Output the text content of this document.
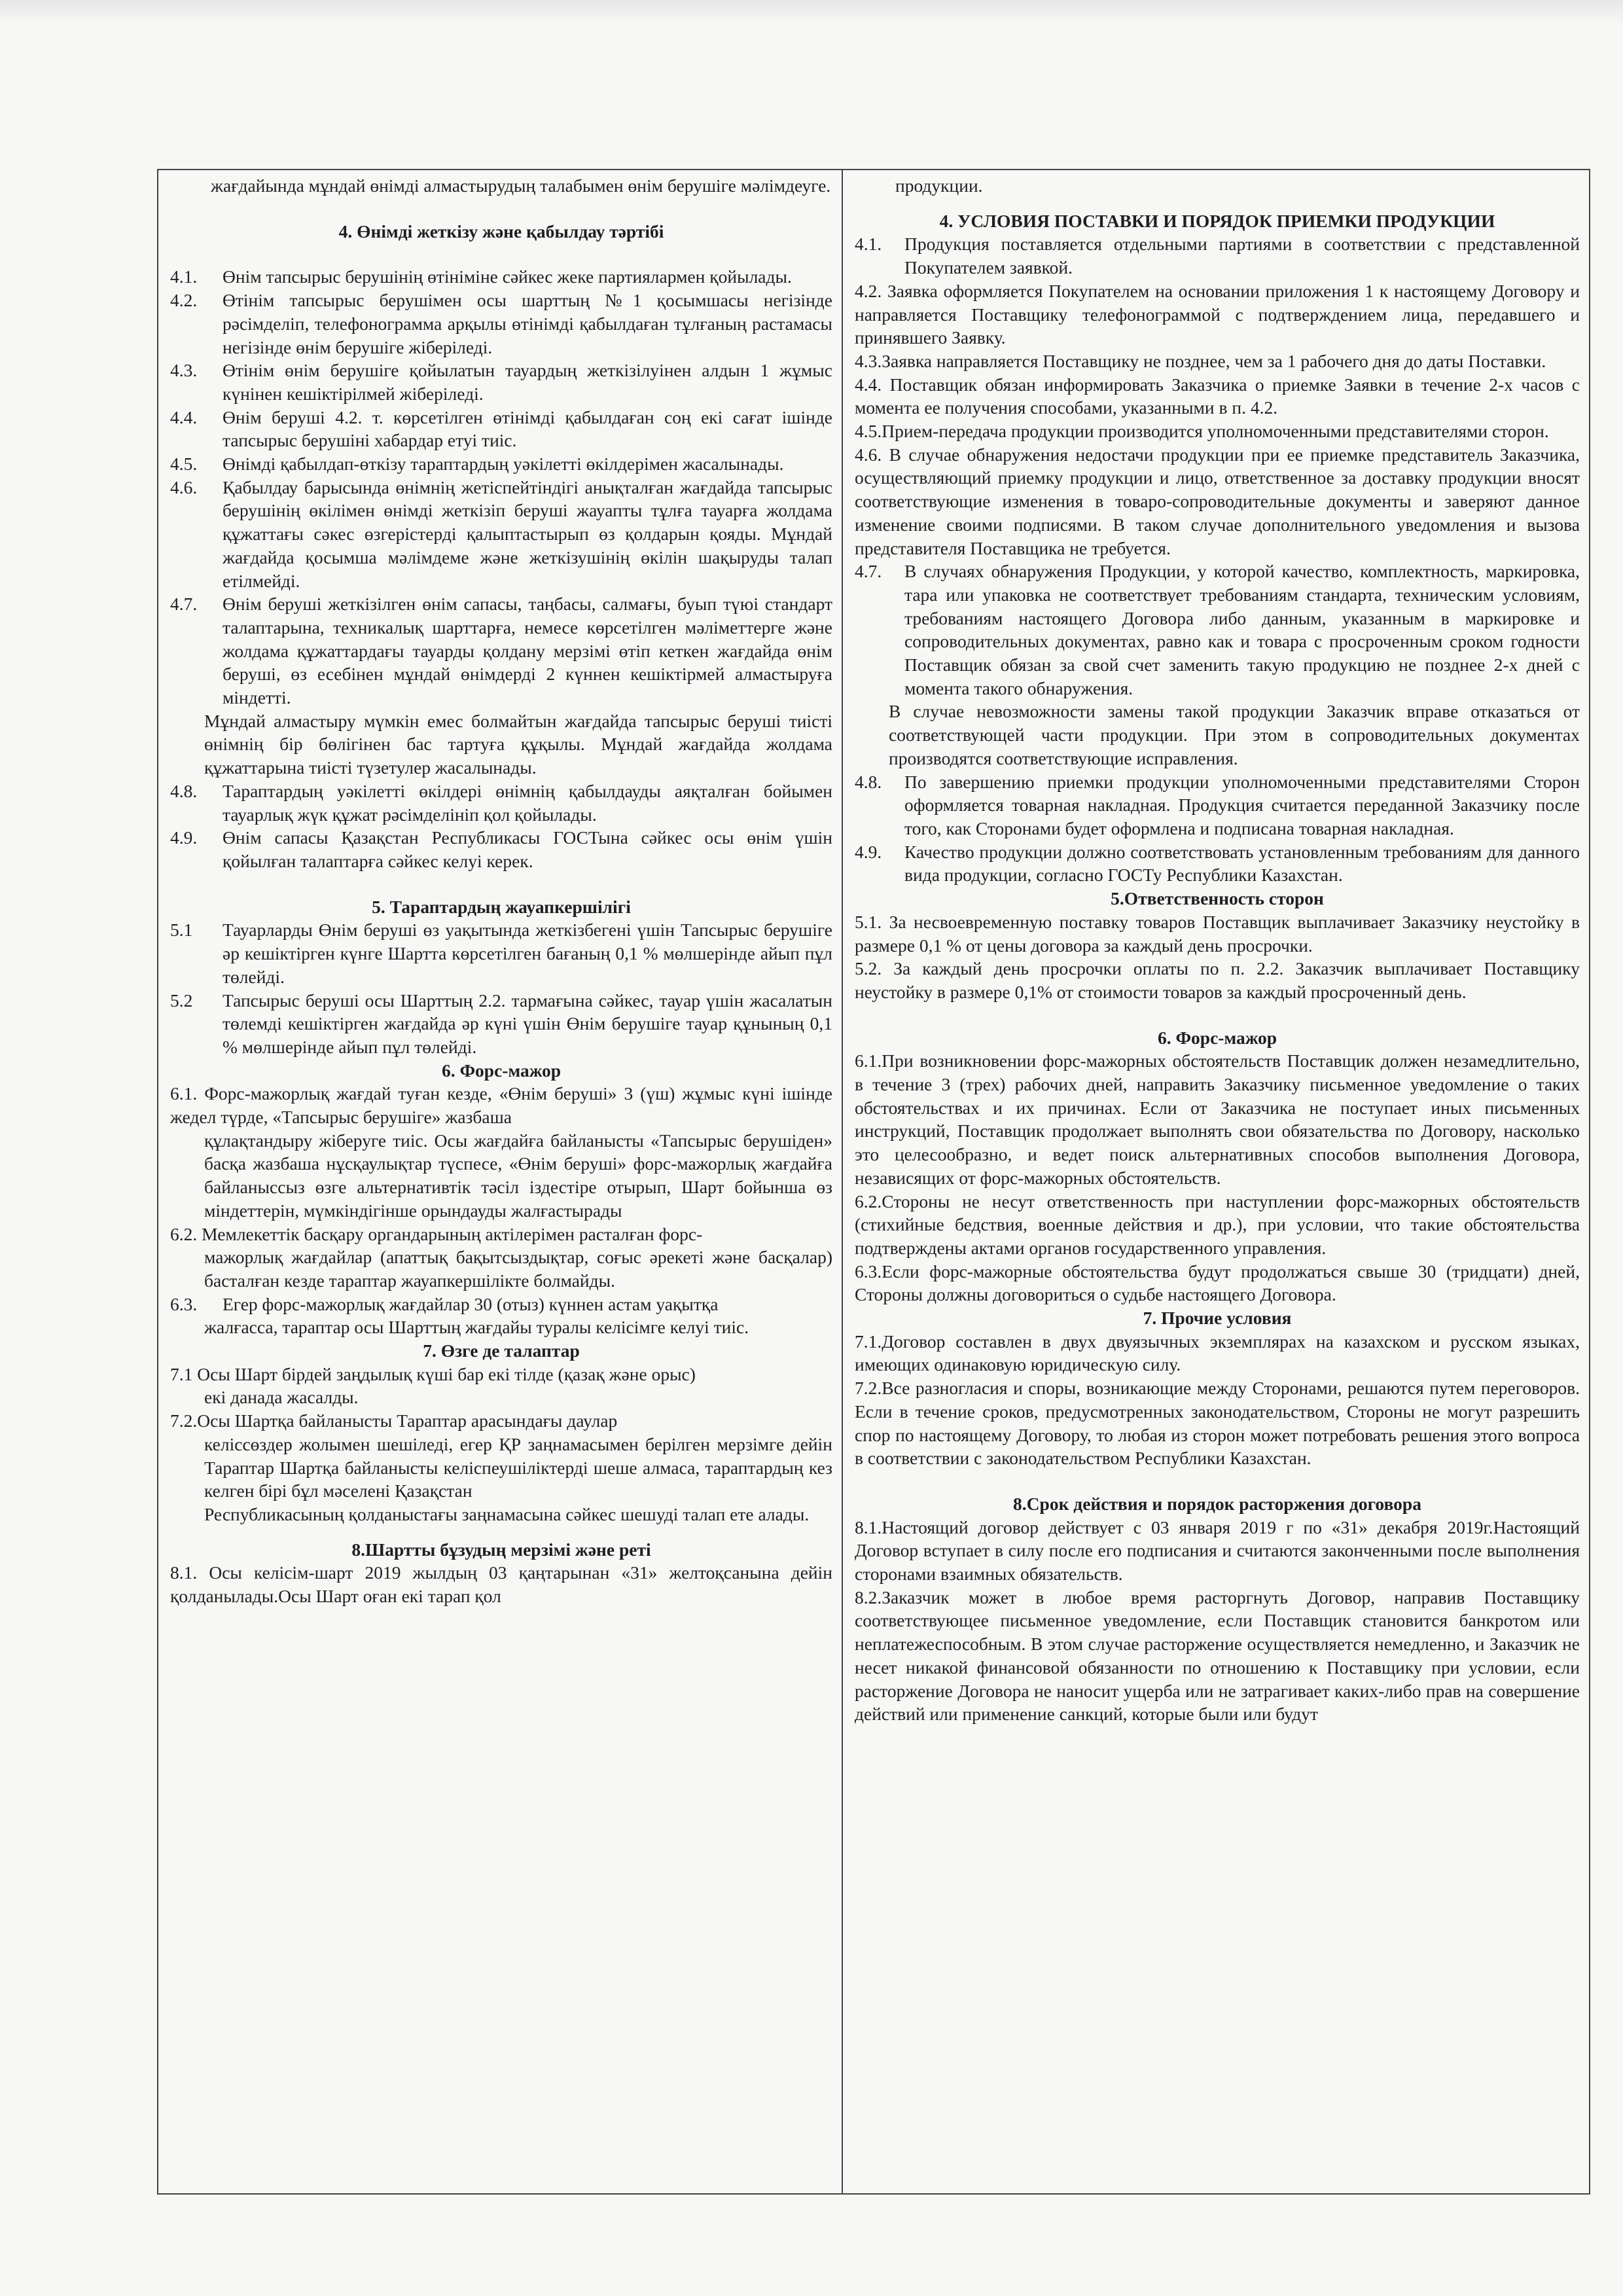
жағдайында мұндай өнімді алмастырудың талабымен өнім берушіге мәлімдеуге.

4. Өнімді жеткізу және қабылдау тәртібі

4.1.	Өнім тапсырыс берушінің өтініміне сәйкес жеке партиялармен қойылады.
4.2.	Өтінім тапсырыс берушімен осы шарттың №1 қосымшасы негізінде рәсімделіп, телефонограмма арқылы өтінімді қабылдаған тұлғаның растамасы негізінде өнім берушіге жіберіледі.
4.3.	Өтінім өнім берушіге қойылатын тауардың жеткізілуінен алдын 1 жұмыс күнінен кешіктірілмей жіберіледі.
4.4.	Өнім беруші 4.2. т. көрсетілген өтінімді қабылдаған соң екі сағат ішінде тапсырыс берушіні хабардар етуі тиіс.
4.5.	Өнімді қабылдап-өткізу тараптардың уәкілетті өкілдерімен жасалынады.
4.6.	Қабылдау барысында өнімнің жетіспейтіндігі анықталған жағдайда тапсырыс берушінің өкілімен өнімді жеткізіп беруші жауапты тұлға тауарға жолдама құжаттағы сәкес өзгерістерді қалыптастырып өз қолдарын қояды. Мұндай жағдайда қосымша мәлімдеме және жеткізушінің өкілін шақыруды талап етілмейді.
4.7.	Өнім беруші жеткізілген өнім сапасы, таңбасы, салмағы, буып түюі стандарт талаптарына, техникалық шарттарға, немесе көрсетілген мәліметтерге және жолдама құжаттардағы тауарды қолдану мерзімі өтіп кеткен жағдайда өнім беруші, өз есебінен мұндай өнімдерді 2 күннен кешіктірмей алмастыруға міндетті.

Мұндай алмастыру мүмкін емес болмайтын жағдайда тапсырыс беруші тиісті өнімнің бір бөлігінен бас тартуға құқылы. Мұндай жағдайда жолдама құжаттарына тиісті түзетулер жасалынады.

4.8.	Тараптардың уәкілетті өкілдері өнімнің қабылдауды аяқталған бойымен тауарлық жүк құжат рәсімделініп қол қойылады.
4.9.	Өнім сапасы Қазақстан Республикасы ГОСТына сәйкес осы өнім үшін қойылған талаптарға сәйкес келуі керек.

5. Тараптардың жауапкершілігі

5.1	Тауарларды Өнім беруші өз уақытында жеткізбегені үшін Тапсырыс берушіге әр кешіктірген күнге Шартта көрсетілген бағаның 0,1 % мөлшерінде айып пұл төлейді.
5.2	Тапсырыс беруші осы Шарттың 2.2. тармағына сәйкес, тауар үшін жасалатын төлемді кешіктірген жағдайда әр күні үшін Өнім берушіге тауар құнының 0,1 % мөлшерінде айып пұл төлейді.

6. Форс-мажор

6.1. Форс-мажорлық жағдай туған кезде, «Өнім беруші» 3 (үш) жұмыс күні ішінде жедел түрде, «Тапсырыс берушіге» жазбаша

құлақтандыру жіберуге тиіс. Осы жағдайға байланысты «Тапсырыс берушіден» басқа жазбаша нұсқаулықтар түспесе, «Өнім беруші» форс-мажорлық жағдайға байланыссыз өзге альтернативтік тәсіл іздестіре отырып, Шарт бойынша өз міндеттерін, мүмкіндігінше орындауды жалғастырады

6.2. Мемлекеттік басқару органдарының актілерімен расталған форс-

мажорлық жағдайлар (апаттық бақытсыздықтар, соғыс әрекеті және басқалар) басталған кезде тараптар жауапкершілікте болмайды.

6.3.	Егер форс-мажорлық жағдайлар 30 (отыз) күннен астам уақытқа

жалғасса, тараптар осы Шарттың жағдайы туралы келісімге келуі тиіс.

7. Өзге де талаптар

7.1 Осы Шарт бірдей заңдылық күші бар екі тілде (қазақ және орыс)

екі данада жасалды.

7.2.Осы Шартқа байланысты Тараптар арасындағы даулар

келіссөздер жолымен шешіледі, егер ҚР заңнамасымен берілген мерзімге дейін Тараптар Шартқа байланысты келіспеушіліктерді шеше алмаса, тараптардың кез келген бірі бұл мәселені Қазақстан

Республикасының қолданыстағы заңнамасына сәйкес шешуді талап ете алады.

8.Шартты бұзудың мерзімі және реті

8.1. Осы келісім-шарт 2019 жылдың 03 қаңтарынан «31» желтоқсанына дейін қолданылады.Осы Шарт оған екі тарап қол

продукции.

4. УСЛОВИЯ ПОСТАВКИ И ПОРЯДОК ПРИЕМКИ ПРОДУКЦИИ

4.1.	Продукция поставляется отдельными партиями в соответствии с представленной Покупателем заявкой.

4.2. Заявка оформляется Покупателем на основании приложения 1 к настоящему Договору и направляется Поставщику телефонограммой с подтверждением лица, передавшего и принявшего Заявку.

4.3.Заявка направляется Поставщику не позднее, чем за 1 рабочего дня до даты Поставки.

4.4. Поставщик обязан информировать Заказчика о приемке Заявки в течение 2-х часов с момента ее получения способами, указанными в п. 4.2.

4.5.Прием-передача продукции производится уполномоченными представителями сторон.

4.6. В случае обнаружения недостачи продукции при ее приемке представитель Заказчика, осуществляющий приемку продукции и лицо, ответственное за доставку продукции вносят соответствующие изменения в товаро-сопроводительные документы и заверяют данное изменение своими подписями. В таком случае дополнительного уведомления и вызова представителя Поставщика не требуется.

4.7.	В случаях обнаружения Продукции, у которой качество, комплектность, маркировка, тара или упаковка не соответствует требованиям стандарта, техническим условиям, требованиям настоящего Договора либо данным, указанным в маркировке и сопроводительных документах, равно как и товара с просроченным сроком годности Поставщик обязан за свой счет заменить такую продукцию не позднее 2-х дней с момента такого обнаружения.

В случае невозможности замены такой продукции Заказчик вправе отказаться от соответствующей части продукции. При этом в сопроводительных документах производятся соответствующие исправления.

4.8.	По завершению приемки продукции уполномоченными представителями Сторон оформляется товарная накладная. Продукция считается переданной Заказчику после того, как Сторонами будет оформлена и подписана товарная накладная.
4.9.	Качество продукции должно соответствовать установленным требованиям для данного вида продукции, согласно ГОСТу Республики Казахстан.

5.Ответственность сторон

5.1. За несвоевременную поставку товаров Поставщик выплачивает Заказчику неустойку в размере 0,1 % от цены договора за каждый день просрочки.

5.2. За каждый день просрочки оплаты по п. 2.2. Заказчик выплачивает Поставщику неустойку в размере 0,1% от стоимости товаров за каждый просроченный день.

6. Форс-мажор

6.1.При возникновении форс-мажорных обстоятельств Поставщик должен незамедлительно, в течение 3 (трех) рабочих дней, направить Заказчику письменное уведомление о таких обстоятельствах и их причинах. Если от Заказчика не поступает иных письменных инструкций, Поставщик продолжает выполнять свои обязательства по Договору, насколько это целесообразно, и ведет поиск альтернативных способов выполнения Договора, независящих от форс-мажорных обстоятельств.

6.2.Стороны не несут ответственность при наступлении форс-мажорных обстоятельств (стихийные бедствия, военные действия и др.), при условии, что такие обстоятельства подтверждены актами органов государственного управления.

6.3.Если форс-мажорные обстоятельства будут продолжаться свыше 30 (тридцати) дней, Стороны должны договориться о судьбе настоящего Договора.

7. Прочие условия

7.1.Договор составлен в двух двуязычных экземплярах на казахском и русском языках, имеющих одинаковую юридическую силу.

7.2.Все разногласия и споры, возникающие между Сторонами, решаются путем переговоров. Если в течение сроков, предусмотренных законодательством, Стороны не могут разрешить спор по настоящему Договору, то любая из сторон может потребовать решения этого вопроса в соответствии с законодательством Республики Казахстан.

8.Срок действия и порядок расторжения договора

8.1.Настоящий договор действует с 03 января 2019 г по «31» декабря 2019г.Настоящий Договор вступает в силу после его подписания и считаются законченными после выполнения сторонами взаимных обязательств.

8.2.Заказчик может в любое время расторгнуть Договор, направив Поставщику соответствующее письменное уведомление, если Поставщик становится банкротом или неплатежеспособным. В этом случае расторжение осуществляется немедленно, и Заказчик не несет никакой финансовой обязанности по отношению к Поставщику при условии, если расторжение Договора не наносит ущерба или не затрагивает каких-либо прав на совершение действий или применение санкций, которые были или будут
